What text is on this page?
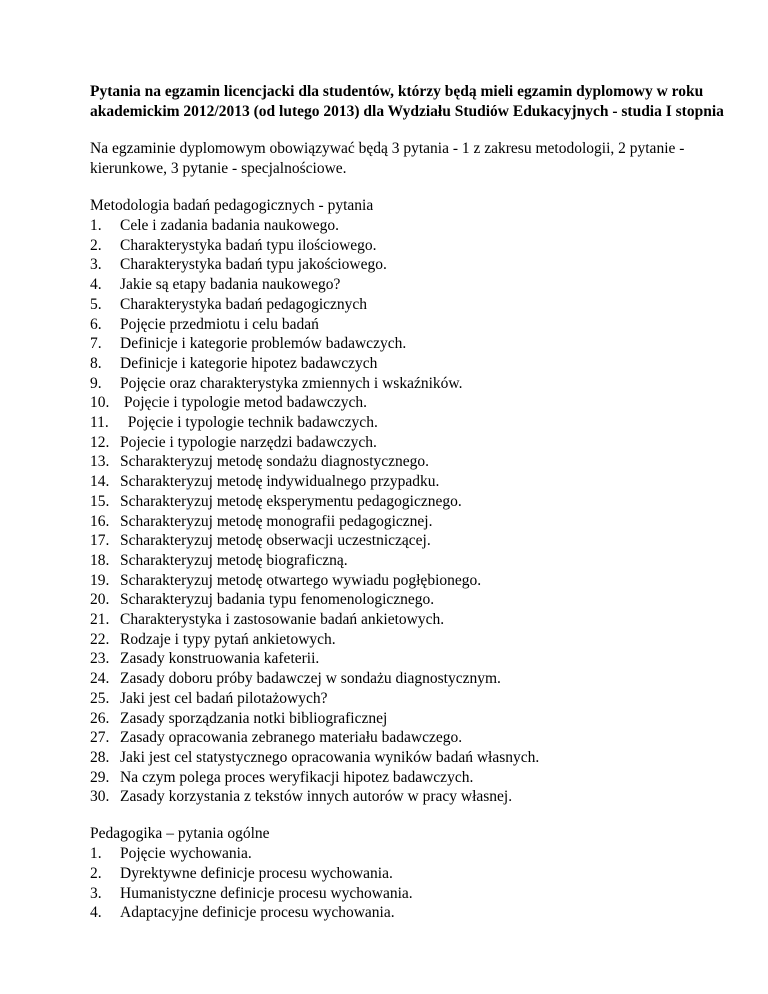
Pytania na egzamin licencjacki dla studentów, którzy będą mieli egzamin dyplomowy w roku akademickim 2012/2013 (od lutego 2013) dla Wydziału Studiów Edukacyjnych - studia I stopnia

Na egzaminie dyplomowym obowiązywać będą 3 pytania - 1 z zakresu metodologii, 2 pytanie - kierunkowe, 3 pytanie - specjalnościowe.

Metodologia badań pedagogicznych - pytania
1.	Cele i zadania badania naukowego.
2.	Charakterystyka badań typu ilościowego.
3.	Charakterystyka badań typu jakościowego.
4.	Jakie są etapy badania naukowego?
5.	Charakterystyka badań pedagogicznych
6.	Pojęcie przedmiotu i celu badań
7.	Definicje i kategorie problemów badawczych.
8.	Definicje i kategorie hipotez badawczych
9.	Pojęcie oraz charakterystyka zmiennych i wskaźników.
10. Pojęcie i typologie metod badawczych.
11. Pojęcie i typologie technik badawczych.
12. Pojecie i typologie narzędzi badawczych.
13. Scharakteryzuj metodę sondażu diagnostycznego.
14. Scharakteryzuj metodę indywidualnego przypadku.
15. Scharakteryzuj metodę eksperymentu pedagogicznego.
16. Scharakteryzuj metodę monografii pedagogicznej.
17. Scharakteryzuj metodę obserwacji uczestniczącej.
18. Scharakteryzuj metodę biograficzną.
19. Scharakteryzuj metodę otwartego wywiadu pogłębionego.
20. Scharakteryzuj badania typu fenomenologicznego.
21. Charakterystyka i zastosowanie badań ankietowych.
22. Rodzaje i typy pytań ankietowych.
23. Zasady konstruowania kafeterii.
24. Zasady doboru próby badawczej w sondażu diagnostycznym.
25. Jaki jest cel badań pilotażowych?
26. Zasady sporządzania notki bibliograficznej
27. Zasady opracowania zebranego materiału badawczego.
28. Jaki jest cel statystycznego opracowania wyników badań własnych.
29. Na czym polega proces weryfikacji hipotez badawczych.
30. Zasady korzystania z tekstów innych autorów w pracy własnej.
Pedagogika – pytania ogólne
1.	Pojęcie wychowania.
2.	Dyrektywne definicje procesu wychowania.
3.	Humanistyczne definicje procesu wychowania.
4.	Adaptacyjne definicje procesu wychowania.
